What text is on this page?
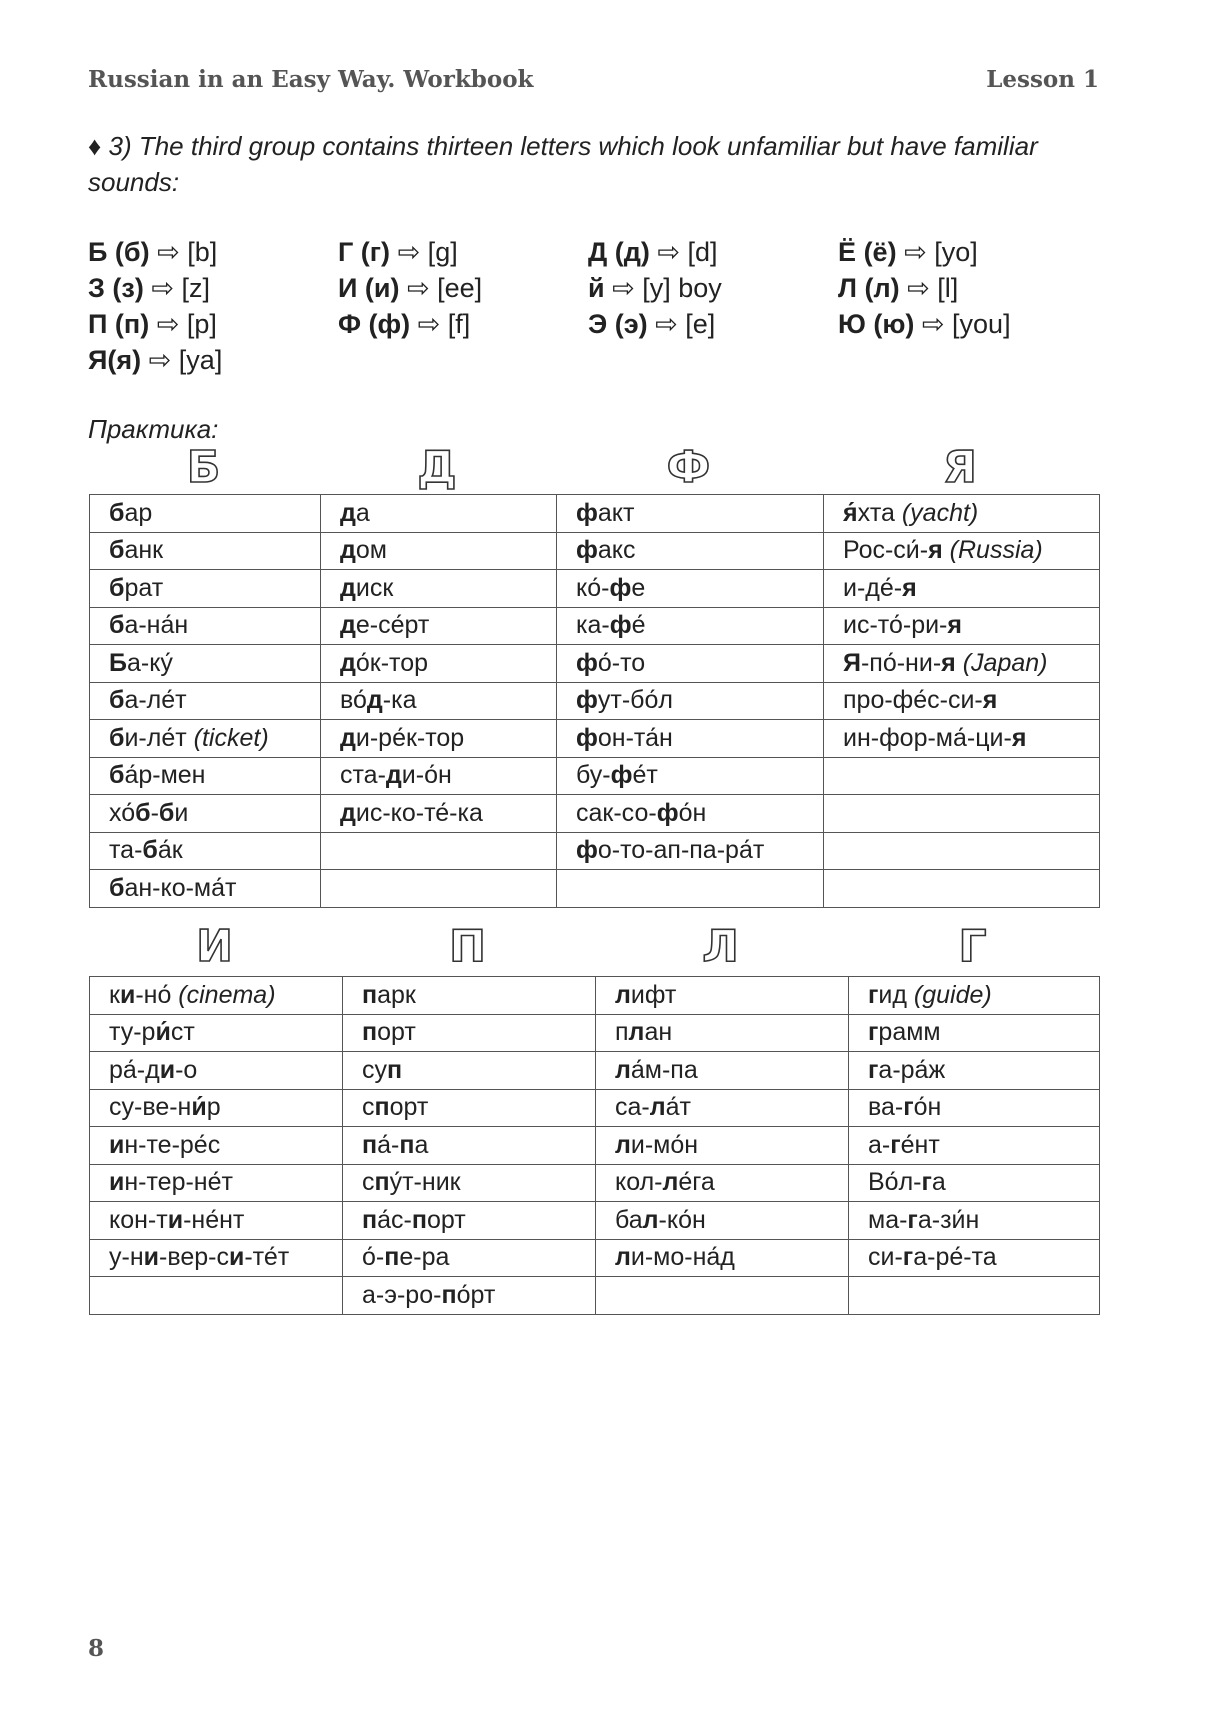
Russian in an Easy Way. Workbook	Lesson 1
♦ 3) The third group contains thirteen letters which look unfamiliar but have familiar sounds:
Б (б) ⇨ [b]	Г (г) ⇨ [g]	Д (д) ⇨ [d]	Ё (ё) ⇨ [yo]
З (з) ⇨ [z]	И (и) ⇨ [ee]	й ⇨ [y] boy	Л (л) ⇨ [l]
П (п) ⇨ [p]	Ф (ф) ⇨ [f]	Э (э) ⇨ [e]	Ю (ю) ⇨ [you]
Я(я) ⇨ [ya]
Практика:
Б	Д	Ф	Я
бар	да	факт	я́хта (yacht)
банк	дом	факс	Рос-си́-я (Russia)
брат	диск	ко́-фе	и-де́-я
ба-на́н	де-се́рт	ка-фе́	ис-то́-ри-я
Ба-ку́	до́к-тор	фо́-то	Я-по́-ни-я (Japan)
ба-ле́т	во́д-ка	фут-бо́л	про-фе́с-си-я
би-ле́т (ticket)	ди-ре́к-тор	фон-та́н	ин-фор-ма́-ци-я
ба́р-мен	ста-ди-о́н	бу-фе́т	
хо́б-би	дис-ко-те́-ка	сак-со-фо́н	
та-ба́к		фо-то-ап-па-ра́т	
бан-ко-ма́т			
И	П	Л	Г
ки-но́ (cinema)	парк	лифт	гид (guide)
ту-ри́ст	порт	план	грамм
ра́-ди-о	суп	ла́м-па	га-ра́ж
су-ве-ни́р	спорт	са-ла́т	ва-го́н
ин-те-ре́с	па́-па	ли-мо́н	а-ге́нт
ин-тер-не́т	спу́т-ник	кол-ле́га	Во́л-га
кон-ти-не́нт	па́с-порт	бал-ко́н	ма-га-зи́н
у-ни-вер-си-те́т	о́-пе-ра	ли-мо-на́д	си-га-ре́-та
	а-э-ро-по́рт		
8
